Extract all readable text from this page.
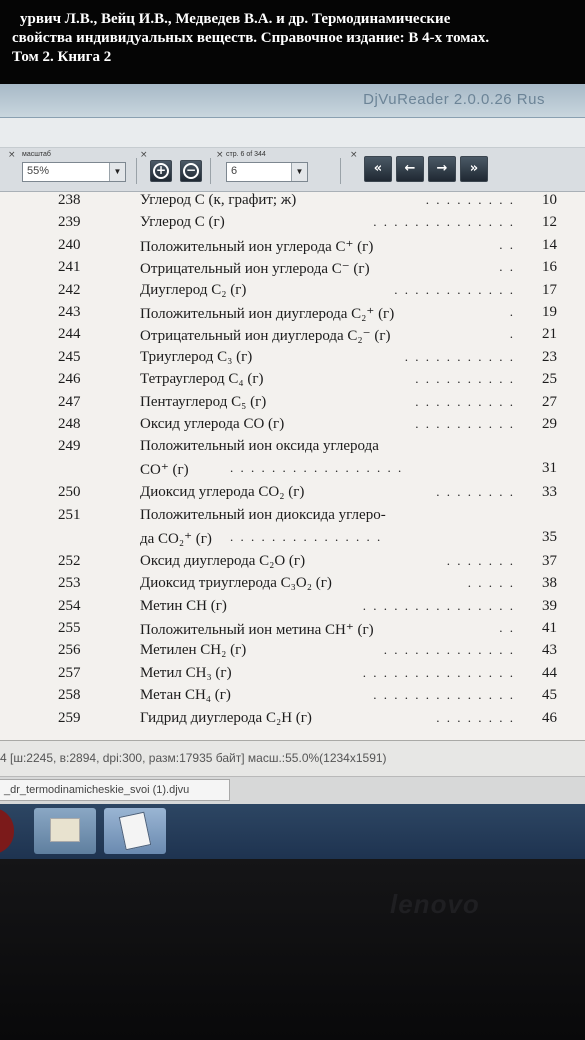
урвич Л.В., Вейц И.В., Медведев В.А. и др. Термодинамические
свойства индивидуальных веществ. Справочное издание: В 4-х томах.
Том 2. Книга 2
DjVuReader 2.0.0.26 Rus
× масштаб
55%	▼
×
+	−
× стр. 6 of 344
6	▼
×
«	←	→	»
238	Углерод C (к, графит; ж)	. . . . . . . . . 10
239	Углерод C (г)	. . . . . . . . . . . . . . 12
240	Положительный ион углерода C⁺ (г)	. . 14
241	Отрицательный ион углерода C⁻ (г)	. . 16
242	Диуглерод C₂ (г)	. . . . . . . . . . . . 17
243	Положительный ион диуглерода C₂⁺ (г)	. 19
244	Отрицательный ион диуглерода C₂⁻ (г)	. 21
245	Триуглерод C₃ (г)	. . . . . . . . . . . 23
246	Тетрауглерод C₄ (г)	. . . . . . . . . . 25
247	Пентауглерод C₅ (г)	. . . . . . . . . . 27
248	Оксид углерода CO (г)	. . . . . . . . . . 29
249	Положительный ион оксида углерода
CO⁺ (г)	. . . . . . . . . . . . . . . . .	31
250	Диоксид углерода CO₂ (г)	. . . . . . . . 33
251	Положительный ион диоксида углеро-
да CO₂⁺ (г) . . . . . . . . . . . . . . .	35
252	Оксид диуглерода C₂O (г)	. . . . . . . 37
253	Диоксид триуглерода C₃O₂ (г)	. . . . . 38
254	Метин CH (г)	. . . . . . . . . . . . . . . 39
255	Положительный ион метина CH⁺ (г)	. . 41
256	Метилен CH₂ (г)	. . . . . . . . . . . . . 43
257	Метил CH₃ (г)	. . . . . . . . . . . . . . . 44
258	Метан CH₄ (г)	. . . . . . . . . . . . . . 45
259	Гидрид диуглерода C₂H (г)	. . . . . . . . 46
4 [ш:2245, в:2894, dpi:300, разм:17935 байт] масш.:55.0%(1234x1591)
_dr_termodinamicheskie_svoi (1).djvu
lenovo
